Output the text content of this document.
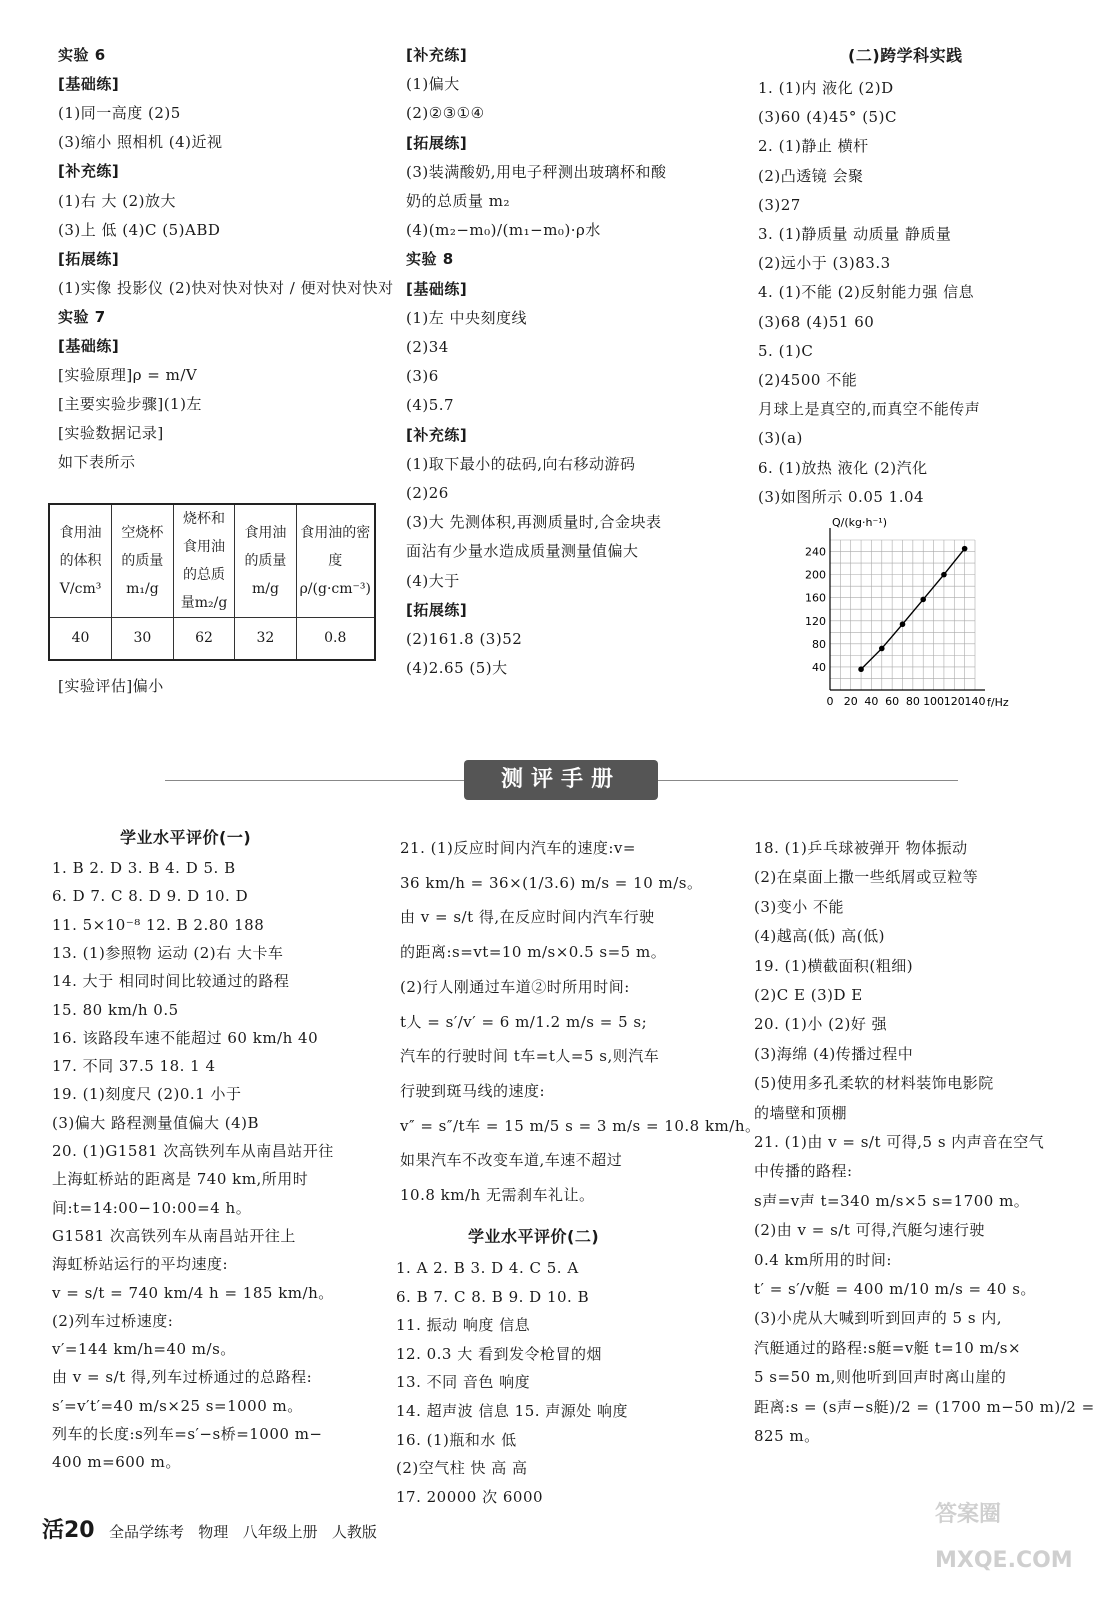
实验 6
[基础练]
(1)同一高度 (2)5
(3)缩小 照相机 (4)近视
[补充练]
(1)右 大 (2)放大
(3)上 低 (4)C (5)ABD
[拓展练]
(1)实像 投影仪 (2)快对快对快对 / 便对快对快对
实验 7
[基础练]
[实验原理]ρ = m/V
[主要实验步骤](1)左
[实验数据记录]
如下表所示
食用油的体积V/cm³	空烧杯的质量m₁/g	烧杯和食用油的总质量m₂/g	食用油的质量m/g	食用油的密度ρ/(g·cm⁻³)
40	30	62	32	0.8
[实验评估]偏小
[补充练]
(1)偏大
(2)②③①④
[拓展练]
(3)装满酸奶,用电子秤测出玻璃杯和酸
奶的总质量 m₂
(4)(m₂−m₀)/(m₁−m₀)·ρ水
实验 8
[基础练]
(1)左 中央刻度线
(2)34
(3)6
(4)5.7
[补充练]
(1)取下最小的砝码,向右移动游码
(2)26
(3)大 先测体积,再测质量时,合金块表
面沾有少量水造成质量测量值偏大
(4)大于
[拓展练]
(2)161.8 (3)52
(4)2.65 (5)大
(二)跨学科实践
1. (1)内 液化 (2)D
(3)60 (4)45° (5)C
2. (1)静止 横杆
(2)凸透镜 会聚
(3)27
3. (1)静质量 动质量 静质量
(2)远小于 (3)83.3
4. (1)不能 (2)反射能力强 信息
(3)68 (4)51 60
5. (1)C
(2)4500 不能
月球上是真空的,而真空不能传声
(3)(a)
6. (1)放热 液化 (2)汽化
(3)如图所示 0.05 1.04
0 20 40 60 80 100 120 140
40
80
120
160
200
240
Q/(kg·h⁻¹)
f/Hz
测评手册
学业水平评价(一)
1. B 2. D 3. B 4. D 5. B
6. D 7. C 8. D 9. D 10. D
11. 5×10⁻⁸ 12. B 2.80 188
13. (1)参照物 运动 (2)右 大卡车
14. 大于 相同时间比较通过的路程
15. 80 km/h 0.5
16. 该路段车速不能超过 60 km/h 40
17. 不同 37.5 18. 1 4
19. (1)刻度尺 (2)0.1 小于
(3)偏大 路程测量值偏大 (4)B
20. (1)G1581 次高铁列车从南昌站开往
上海虹桥站的距离是 740 km,所用时
间:t=14:00−10:00=4 h。
G1581 次高铁列车从南昌站开往上
海虹桥站运行的平均速度:
v = s/t = 740 km/4 h = 185 km/h。
(2)列车过桥速度:
v′=144 km/h=40 m/s。
由 v = s/t 得,列车过桥通过的总路程:
s′=v′t′=40 m/s×25 s=1000 m。
列车的长度:s列车=s′−s桥=1000 m−
400 m=600 m。
21. (1)反应时间内汽车的速度:v=
36 km/h = 36×(1/3.6) m/s = 10 m/s。
由 v = s/t 得,在反应时间内汽车行驶
的距离:s=vt=10 m/s×0.5 s=5 m。
(2)行人刚通过车道②时所用时间:
t人 = s′/v′ = 6 m/1.2 m/s = 5 s;
汽车的行驶时间 t车=t人=5 s,则汽车
行驶到斑马线的速度:
v″ = s″/t车 = 15 m/5 s = 3 m/s = 10.8 km/h。
如果汽车不改变车道,车速不超过
10.8 km/h 无需刹车礼让。
学业水平评价(二)
1. A 2. B 3. D 4. C 5. A
6. B 7. C 8. B 9. D 10. B
11. 振动 响度 信息
12. 0.3 大 看到发令枪冒的烟
13. 不同 音色 响度
14. 超声波 信息 15. 声源处 响度
16. (1)瓶和水 低
(2)空气柱 快 高 高
17. 20000 次 6000
18. (1)乒乓球被弹开 物体振动
(2)在桌面上撒一些纸屑或豆粒等
(3)变小 不能
(4)越高(低) 高(低)
19. (1)横截面积(粗细)
(2)C E (3)D E
20. (1)小 (2)好 强
(3)海绵 (4)传播过程中
(5)使用多孔柔软的材料装饰电影院
的墙壁和顶棚
21. (1)由 v = s/t 可得,5 s 内声音在空气
中传播的路程:
s声=v声 t=340 m/s×5 s=1700 m。
(2)由 v = s/t 可得,汽艇匀速行驶
0.4 km所用的时间:
t′ = s′/v艇 = 400 m/10 m/s = 40 s。
(3)小虎从大喊到听到回声的 5 s 内,
汽艇通过的路程:s艇=v艇 t=10 m/s×
5 s=50 m,则他听到回声时离山崖的
距离:s = (s声−s艇)/2 = (1700 m−50 m)/2 =
825 m。
活20 全品学练考 物理 八年级上册 人教版
答案圈 MXQE.COM
